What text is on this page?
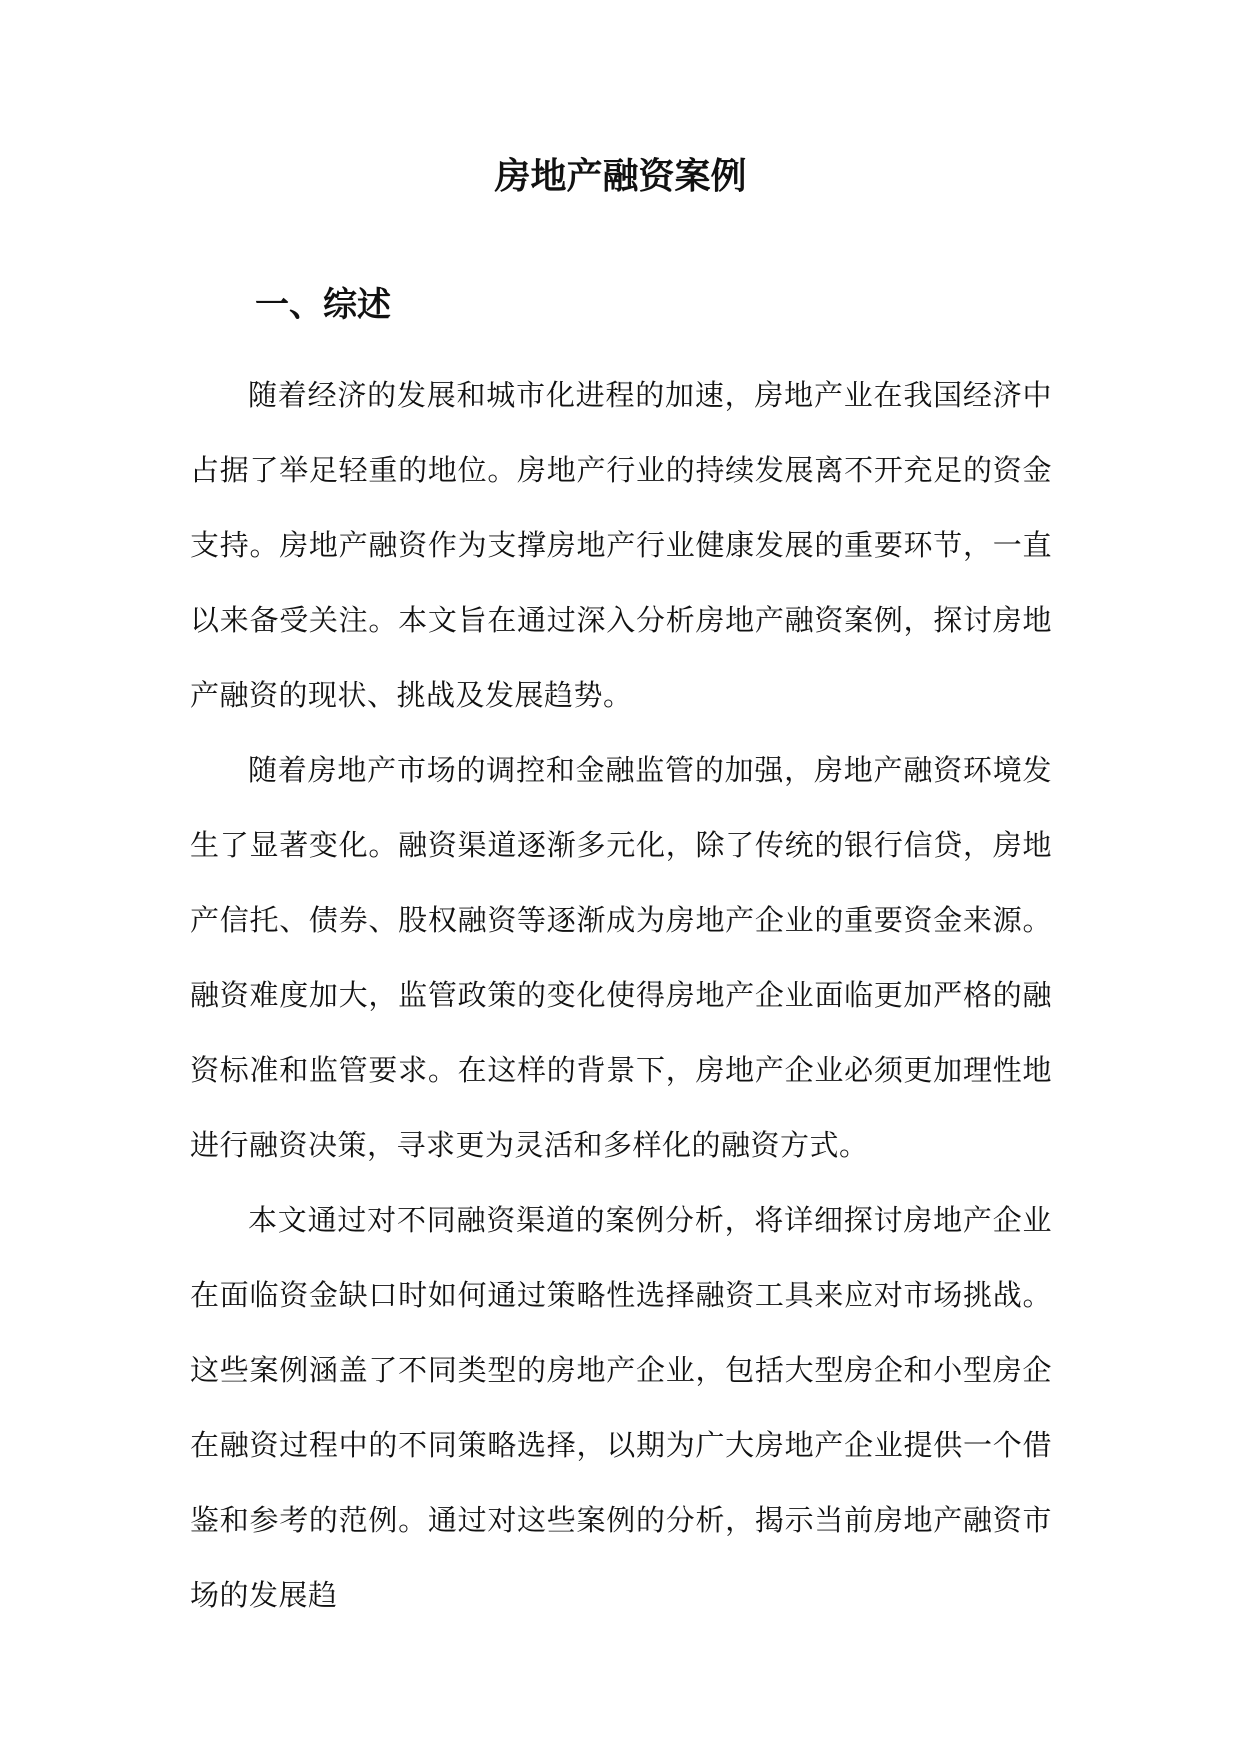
房地产融资案例
一、综述

随着经济的发展和城市化进程的加速，房地产业在我国经济中占据了举足轻重的地位。房地产行业的持续发展离不开充足的资金支持。房地产融资作为支撑房地产行业健康发展的重要环节，一直以来备受关注。本文旨在通过深入分析房地产融资案例，探讨房地产融资的现状、挑战及发展趋势。

随着房地产市场的调控和金融监管的加强，房地产融资环境发生了显著变化。融资渠道逐渐多元化，除了传统的银行信贷，房地产信托、债券、股权融资等逐渐成为房地产企业的重要资金来源。融资难度加大，监管政策的变化使得房地产企业面临更加严格的融资标准和监管要求。在这样的背景下，房地产企业必须更加理性地进行融资决策，寻求更为灵活和多样化的融资方式。

本文通过对不同融资渠道的案例分析，将详细探讨房地产企业在面临资金缺口时如何通过策略性选择融资工具来应对市场挑战。这些案例涵盖了不同类型的房地产企业，包括大型房企和小型房企在融资过程中的不同策略选择，以期为广大房地产企业提供一个借鉴和参考的范例。通过对这些案例的分析，揭示当前房地产融资市场的发展趋
